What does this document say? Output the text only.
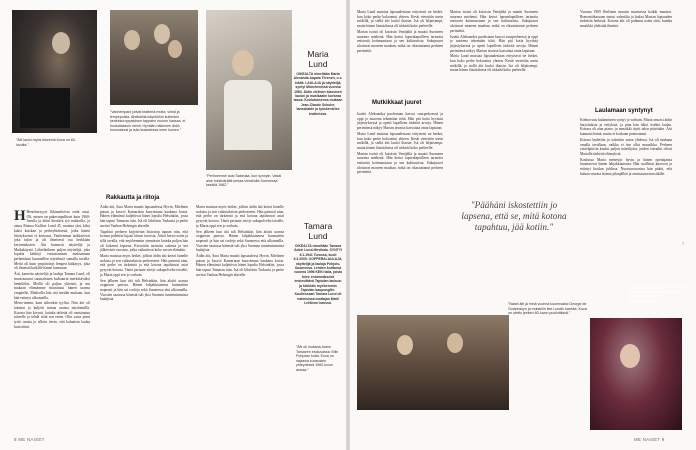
"Äiti lauloi myös lekeinnä Kuva on 60-luvulta."
"Vanhempani jolivat teatteria mutta, vilmä ja lempepoisia. Ahdistelia käyntöihin kuitenkin kedeksuroppaloisen tappaen rouuen kanssa, ei huokdiakavio mesti. Hyväiän näkinnen äidin huomaisesi ja isän kraaotessa neen korven."
"Perhoeenne ausi Sakeusa, kun synnyin. Vasal aloe minimärätiä kertaa vierailulta Suomessa keskitä 1982."
Maria
Lund
OIKEALTA nimeltään Maria Alexanda Aapaia Tiirenen, o.s. inkilä. LAULAJA ja näyttelijä, syntyi Münchenissä vuonna 1983. Äidin vielinen klassisen laulun ja musikaalin korkeaa tasoa. Koulutuksensa mukaan Jean-Claude Scholer, tanssitaide ja työskentelee teatterissa.
Tamara
Lund
OIKEALTA nimeltään Tamara Adele Lund-Hirvikala. SYNTYI 6.1.1941 Turussa, kuoli 6.3.2005. OOPPERALAULAJA, näyttelijä ja laulaja Pohjois-Suomessa. Lehtien koittanut vuonna 1996 KEKI talia, joista tulee ensimmäisenä ensiesittävä Tapiolan lauluun ja kärkkän myöhemmin Tapiolan kaupungille. Kuollessaan Tamara Lund oli naimisissa tuottajan Matti Lehtinen kanssa.

H Hestekersyysi lkkiaunloivat eräät asiat. Oli, minen on pukevatpulkiset kuin 1960-luvulla ja äitini kiertävä työ matkoilla, ja ainoa Rainoa Kallion Lund 45, mutena yksi kiksi kaksi kuiskan ja perheyhtäisestä, jotka hänen häväyksensä ei kertonut. Vanhemmat tarkkaisivat joka tulon ja oli ilmeisesti osa herkkään kertomukseen. Äiti kunnosti näyttelijä ja Matkakäynti. Lähtöhetkeen paljon näyttelijä, joka lopulta kehittyi vastustamaan maksamaan perhettänsä kuunnellen näytelmiä samalla tavalla. Meitä oli kuin ympäröinyt lempeä kätkäyys, joka oli ilmeistä kaikille hänen kanssaan.

Äiti, kantettu näyttelijä ja laulaja Tamara Lund, oli muotoutunut suomalaisen kulttuurin merkittäväksi henkilöksi. Meillä oli paljon yhteistä, ja sen mukaan elämämme muotoutui hänen uransa ympärille. Matkoilla hän otti meidät mukaan, kun hän esiintyi ulkomailla.

Meno-menin, kuin siihenkin tyylini. Niin äiti oli tukenut ja kuljetti minua uransa näyttämöllä. Kotona hän korosti, kuinka tärkeää oli omistautua taiteelle ja tehdä töitä sen eteen. Olin vasta pieni tyttö, mutta jo silloin tiesin, että haluaisin laulaa kuin äitini.

Rakkautta ja riitoja

Äidin äiti, Sara Maria muutti lapsuudessa Hyvin, Mielinen patsas ja kasvoi Kamariaan kuoroinaan kaukana kotoa. Hänen elämänsä kuljettivat hänet lopulta Helsinkiin, jossa hän tapasi Tamaran isän. Isä oli lähtöisin Turkusta ja perhe asettui Vanhan Helsingin alueelle.

Tapahtui perheen kirjoitetun historian tapaan niin, että kotona pidettiin lujasti kiinni tavoista. Äitini kertoi usein ja sillä tavalla, että myöhemmin ymmärsin kuinka paljon hän oli kokenut lapsena. Kerrottiin tarinoita sodasta ja sen jälkeisistä vuosista, jotka vaikuttivat koko suvun elämään.

Maria muistaa myös hetket, jolloin äidin äiti kertoi hänelle sodasta ja sen vaikutuksista perheeseen. Hän painotti aina, että perhe on tärkeintä ja että kotona tapahtuvat asiat pysyvät kotona. Tämä periaate siirtyi sukupolvelta toiselle, ja Maria oppi sen jo varhain.

Sen jälkeen kun äiti tuli Helsinkiin, hän aloitti uransa oopperan parissa. Hänen lahjakkuutensa huomattiin nopeasti ja hän sai rooleja sekä Suomessa että ulkomailla. Vuosien saatossa hänestä tuli yksi Suomen tunnetuimmista laulajista.

Maria muistaa myös hetket, jolloin äidin äiti kertoi hänelle sodasta ja sen vaikutuksista perheeseen. Hän painotti aina, että perhe on tärkeintä ja että kotona tapahtuvat asiat pysyvät kotona. Tämä periaate siirtyi sukupolvelta toiselle, ja Maria oppi sen jo varhain.

Sen jälkeen kun äiti tuli Helsinkiin, hän aloitti uransa oopperan parissa. Hänen lahjakkuutensa huomattiin nopeasti ja hän sai rooleja sekä Suomessa että ulkomailla. Vuosien saatossa hänestä tuli yksi Suomen tunnetuimmista laulajista.

Äidin äiti, Sara Maria muutti lapsuudessa Hyvin, Mielinen patsas ja kasvoi Kamariaan kuoroinaan kaukana kotoa. Hänen elämänsä kuljettivat hänet lopulta Helsinkiin, jossa hän tapasi Tamaran isän. Isä oli lähtöisin Turkusta ja perhe asettui Vanhan Helsingin alueelle.

"Äiti oli mukana Aarne Tarkaeen elokuvassa Villin Pohjolan kulta. Kuva on najastra kuvausten yhteydessä 1960-luvun alussa."
8 ME NAISET

Maria Lund muistaa lapsuudestaan erityisesti ne hetket, kun koko perhe kokoontui yhteen. Kesät vietettiin usein mökillä, ja siellä äiti lauloi iltaisin. Isä oli hiljaisempi, mutta hänen läsnäolonsa oli tärkeää koko perheelle.

Marian isoisä oli kotoisin Venäjältä ja muutti Suomeen nuorena miehenä. Hän kertoi lapsenlapsilleen tarinoita entisestä kotimaastaan ja sen kulttuurista. Sukujuuret ulottuvat moneen maahan, mikä on rikastuttanut perheen perinteitä.

Mutkikkaat juuret

Isoäiti Aleksandra puolestaan kasvoi suurperheessä ja oppi jo nuorena tekemään töitä. Hän piti kotia hyvässä järjestyksessä ja opetti lapsilleen tärkeitä arvoja. Hänen perintönsä näkyy Marian tavassa kasvattaa omia lapsiaan.

Maria Lund muistaa lapsuudestaan erityisesti ne hetket, kun koko perhe kokoontui yhteen. Kesät vietettiin usein mökillä, ja siellä äiti lauloi iltaisin. Isä oli hiljaisempi, mutta hänen läsnäolonsa oli tärkeää koko perheelle.

Marian isoisä oli kotoisin Venäjältä ja muutti Suomeen nuorena miehenä. Hän kertoi lapsenlapsilleen tarinoita entisestä kotimaastaan ja sen kulttuurista. Sukujuuret ulottuvat moneen maahan, mikä on rikastuttanut perheen perinteitä.

Marian isoisä oli kotoisin Venäjältä ja muutti Suomeen nuorena miehenä. Hän kertoi lapsenlapsilleen tarinoita entisestä kotimaastaan ja sen kulttuurista. Sukujuuret ulottuvat moneen maahan, mikä on rikastuttanut perheen perinteitä.

Isoäiti Aleksandra puolestaan kasvoi suurperheessä ja oppi jo nuorena tekemään töitä. Hän piti kotia hyvässä järjestyksessä ja opetti lapsilleen tärkeitä arvoja. Hänen perintönsä näkyy Marian tavassa kasvattaa omia lapsiaan.

Maria Lund muistaa lapsuudestaan erityisesti ne hetket, kun koko perhe kokoontui yhteen. Kesät vietettiin usein mökillä, ja siellä äiti lauloi iltaisin. Isä oli hiljaisempi, mutta hänen läsnäolonsa oli tärkeää koko perheelle.

"Päähäni iskostettiin jo lapsena, että se, mitä kotona tapahtuu, jää kotiin."

Vuonna 1969 Berliinin muurin murtuessa kaikki muuttui. Romantiikassaan tuntui valmiilta ja laulaa Marian lapsuuden tärkeistä hetkistä. Kotona äiti oli puhunut usein siitä, kuinka musiikki yhdistää ihmisiä.

Laulamaan syntynyt

Kiehtovuus laulamiseen syntyi jo varhain. Maria seurasi äidin harjoituksia ja esityksiä, ja pian hän alkoi itsekin laulaa. Kotona oli aina piano, ja musiikki täytti talon päivittäin. Äiti kannusti häntä, mutta ei koskaan painostanut.

Kotona laulettiin ja soitettiin usein yhdessä. Isä oli mukana omalla tavallaan, vaikka ei itse ollut muusikko. Perheen ystäväpiiriin kuului paljon taiteilijoita, joiden vierailut olivat Marialle tärkeitä elämyksiä.

Koulussa Maria menestyi hyvin ja hänen opettajansa huomasivat hänen lahjakkuutensa. Hän osallistui kuoroon ja esiintyi koulun juhlissa. Nuoruusvuosina hän päätti, että haluaa seurata äitinsä jalanjälkiä ja omistautua musiikille.

›
"Nasel äiti ja minä vuonna kuuensaksi George de Godzinskyn ja muistelin itse Lundin kanssa. Kuva on otettu jeeken 80-luvun puolivälissä."
"Olin ehdottomasti äidin tyttö, mutta isä oseni tukea minua paremmin", Tamara Lund kuvailee lapsuusvuosiaan.
ME NAISET 9
